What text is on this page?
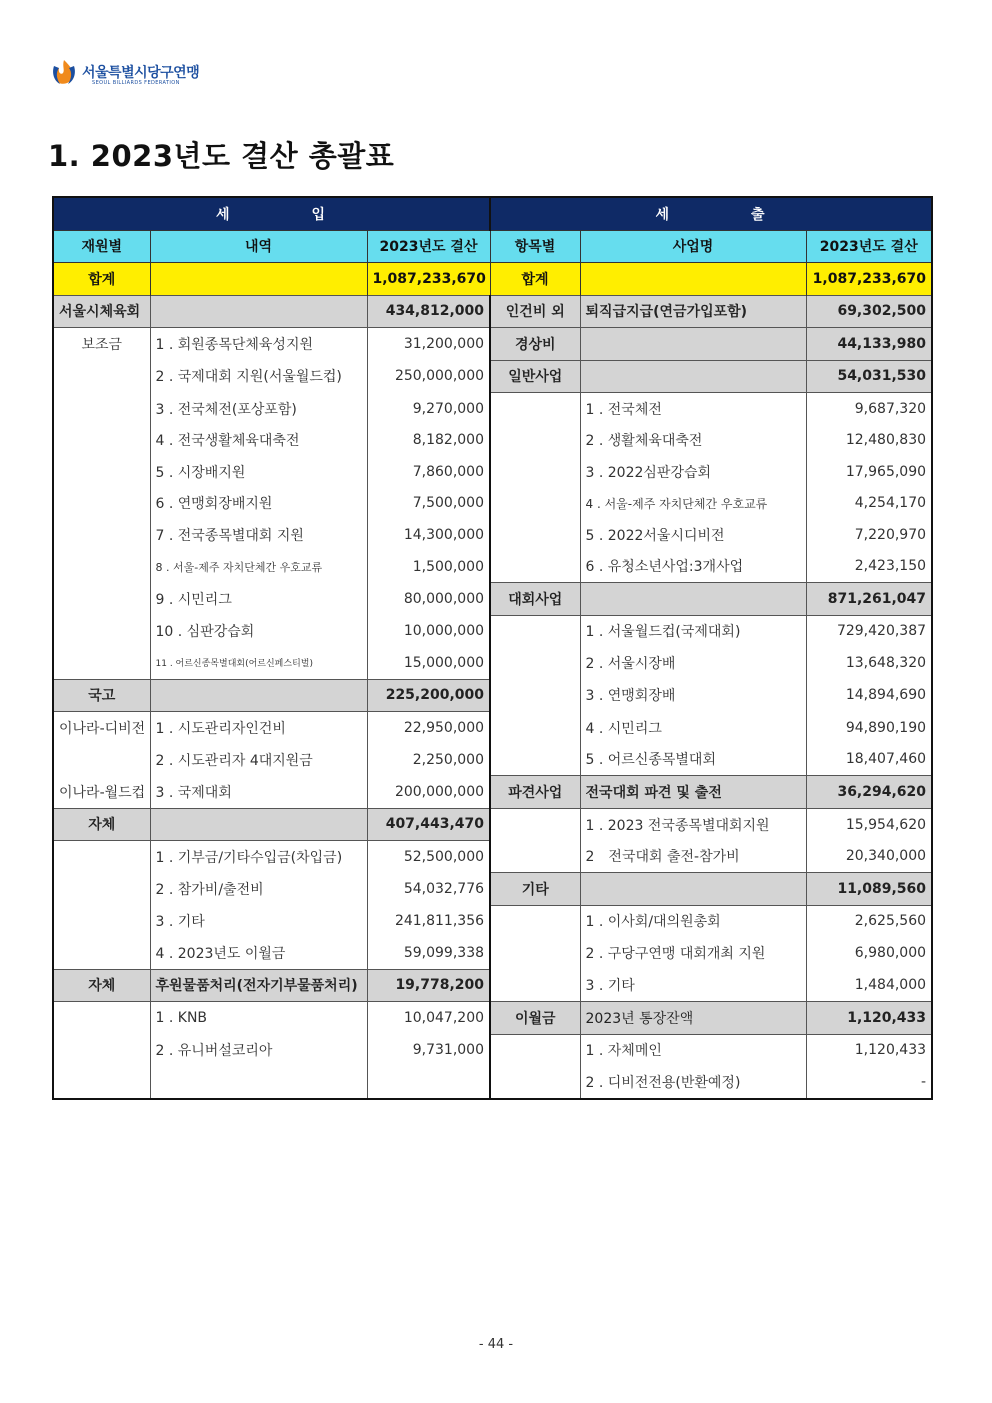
서울특별시당구연맹
SEOUL BILLIARDS FEDERATION
1. 2023년도 결산 총괄표
세　　　　　입			세　　　　　출		
재원별	내역	2023년도 결산	항목별	사업명	2023년도 결산
합계		1,087,233,670	합계		1,087,233,670
서울시체육회		434,812,000	인건비 외	퇴직급지급(연금가입포함)	69,302,500
보조금	1 . 회원종목단체육성지원	31,200,000	경상비		44,133,980
	2 . 국제대회 지원(서울월드컵)	250,000,000	일반사업		54,031,530
	3 . 전국체전(포상포함)	9,270,000		1 . 전국체전	9,687,320
	4 . 전국생활체육대축전	8,182,000		2 . 생활체육대축전	12,480,830
	5 . 시장배지원	7,860,000		3 . 2022심판강습회	17,965,090
	6 . 연맹회장배지원	7,500,000		4 . 서울-제주 자치단체간 우호교류	4,254,170
	7 . 전국종목별대회 지원	14,300,000		5 . 2022서울시디비전	7,220,970
	8 . 서울-제주 자치단체간 우호교류	1,500,000		6 . 유청소년사업:3개사업	2,423,150
	9 . 시민리그	80,000,000	대회사업		871,261,047
	10 . 심판강습회	10,000,000		1 . 서울월드컵(국제대회)	729,420,387
	11 . 어르신종목별대회(어르신페스티벌)	15,000,000		2 . 서울시장배	13,648,320
국고		225,200,000		3 . 연맹회장배	14,894,690
이나라-디비전	1 . 시도관리자인건비	22,950,000		4 . 시민리그	94,890,190
	2 . 시도관리자 4대지원금	2,250,000		5 . 어르신종목별대회	18,407,460
이나라-월드컵	3 . 국제대회	200,000,000	파견사업	전국대회 파견 및 출전	36,294,620
자체		407,443,470		1 . 2023 전국종목별대회지원	15,954,620
	1 . 기부금/기타수입금(차입금)	52,500,000		2　전국대회 출전-참가비	20,340,000
	2 . 참가비/출전비	54,032,776	기타		11,089,560
	3 . 기타	241,811,356		1 . 이사회/대의원총회	2,625,560
	4 . 2023년도 이월금	59,099,338		2 . 구당구연맹 대회개최 지원	6,980,000
자체	후원물품처리(전자기부물품처리)	19,778,200		3 . 기타	1,484,000
	1 . KNB	10,047,200	이월금	2023년 통장잔액	1,120,433
	2 . 유니버설코리아	9,731,000		1 . 자체메인	1,120,433
				2 . 디비전전용(반환예정)	-
- 44 -
